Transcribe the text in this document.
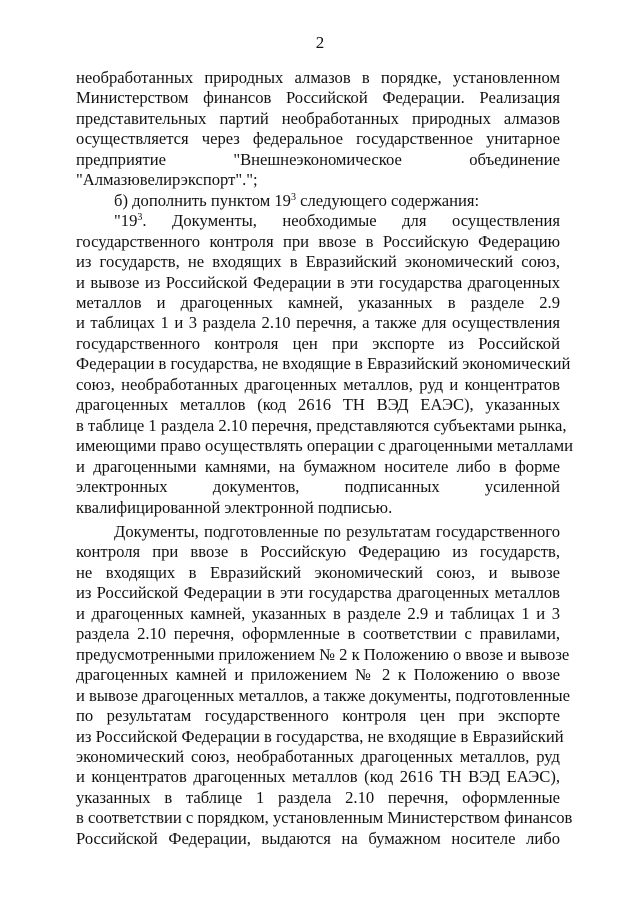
2
необработанных природных алмазов в порядке, установленном
Министерством финансов Российской Федерации. Реализация
представительных партий необработанных природных алмазов
осуществляется через федеральное государственное унитарное
предприятие "Внешнеэкономическое объединение
"Алмазювелирэкспорт".";
б) дополнить пунктом $19^3$ следующего содержания:
"$19^3$. Документы, необходимые для осуществления
государственного контроля при ввозе в Российскую Федерацию
из государств, не входящих в Евразийский экономический союз,
и вывозе из Российской Федерации в эти государства драгоценных
металлов и драгоценных камней, указанных в разделе 2.9
и таблицах 1 и 3 раздела 2.10 перечня, а также для осуществления
государственного контроля цен при экспорте из Российской
Федерации в государства, не входящие в Евразийский экономический
союз, необработанных драгоценных металлов, руд и концентратов
драгоценных металлов (код 2616 ТН ВЭД ЕАЭС), указанных
в таблице 1 раздела 2.10 перечня, представляются субъектами рынка,
имеющими право осуществлять операции с драгоценными металлами
и драгоценными камнями, на бумажном носителе либо в форме
электронных документов, подписанных усиленной
квалифицированной электронной подписью.
Документы, подготовленные по результатам государственного
контроля при ввозе в Российскую Федерацию из государств,
не входящих в Евразийский экономический союз, и вывозе
из Российской Федерации в эти государства драгоценных металлов
и драгоценных камней, указанных в разделе 2.9 и таблицах 1 и 3
раздела 2.10 перечня, оформленные в соответствии с правилами,
предусмотренными приложением № 2 к Положению о ввозе и вывозе
драгоценных камней и приложением № 2 к Положению о ввозе
и вывозе драгоценных металлов, а также документы, подготовленные
по результатам государственного контроля цен при экспорте
из Российской Федерации в государства, не входящие в Евразийский
экономический союз, необработанных драгоценных металлов, руд
и концентратов драгоценных металлов (код 2616 ТН ВЭД ЕАЭС),
указанных в таблице 1 раздела 2.10 перечня, оформленные
в соответствии с порядком, установленным Министерством финансов
Российской Федерации, выдаются на бумажном носителе либо
